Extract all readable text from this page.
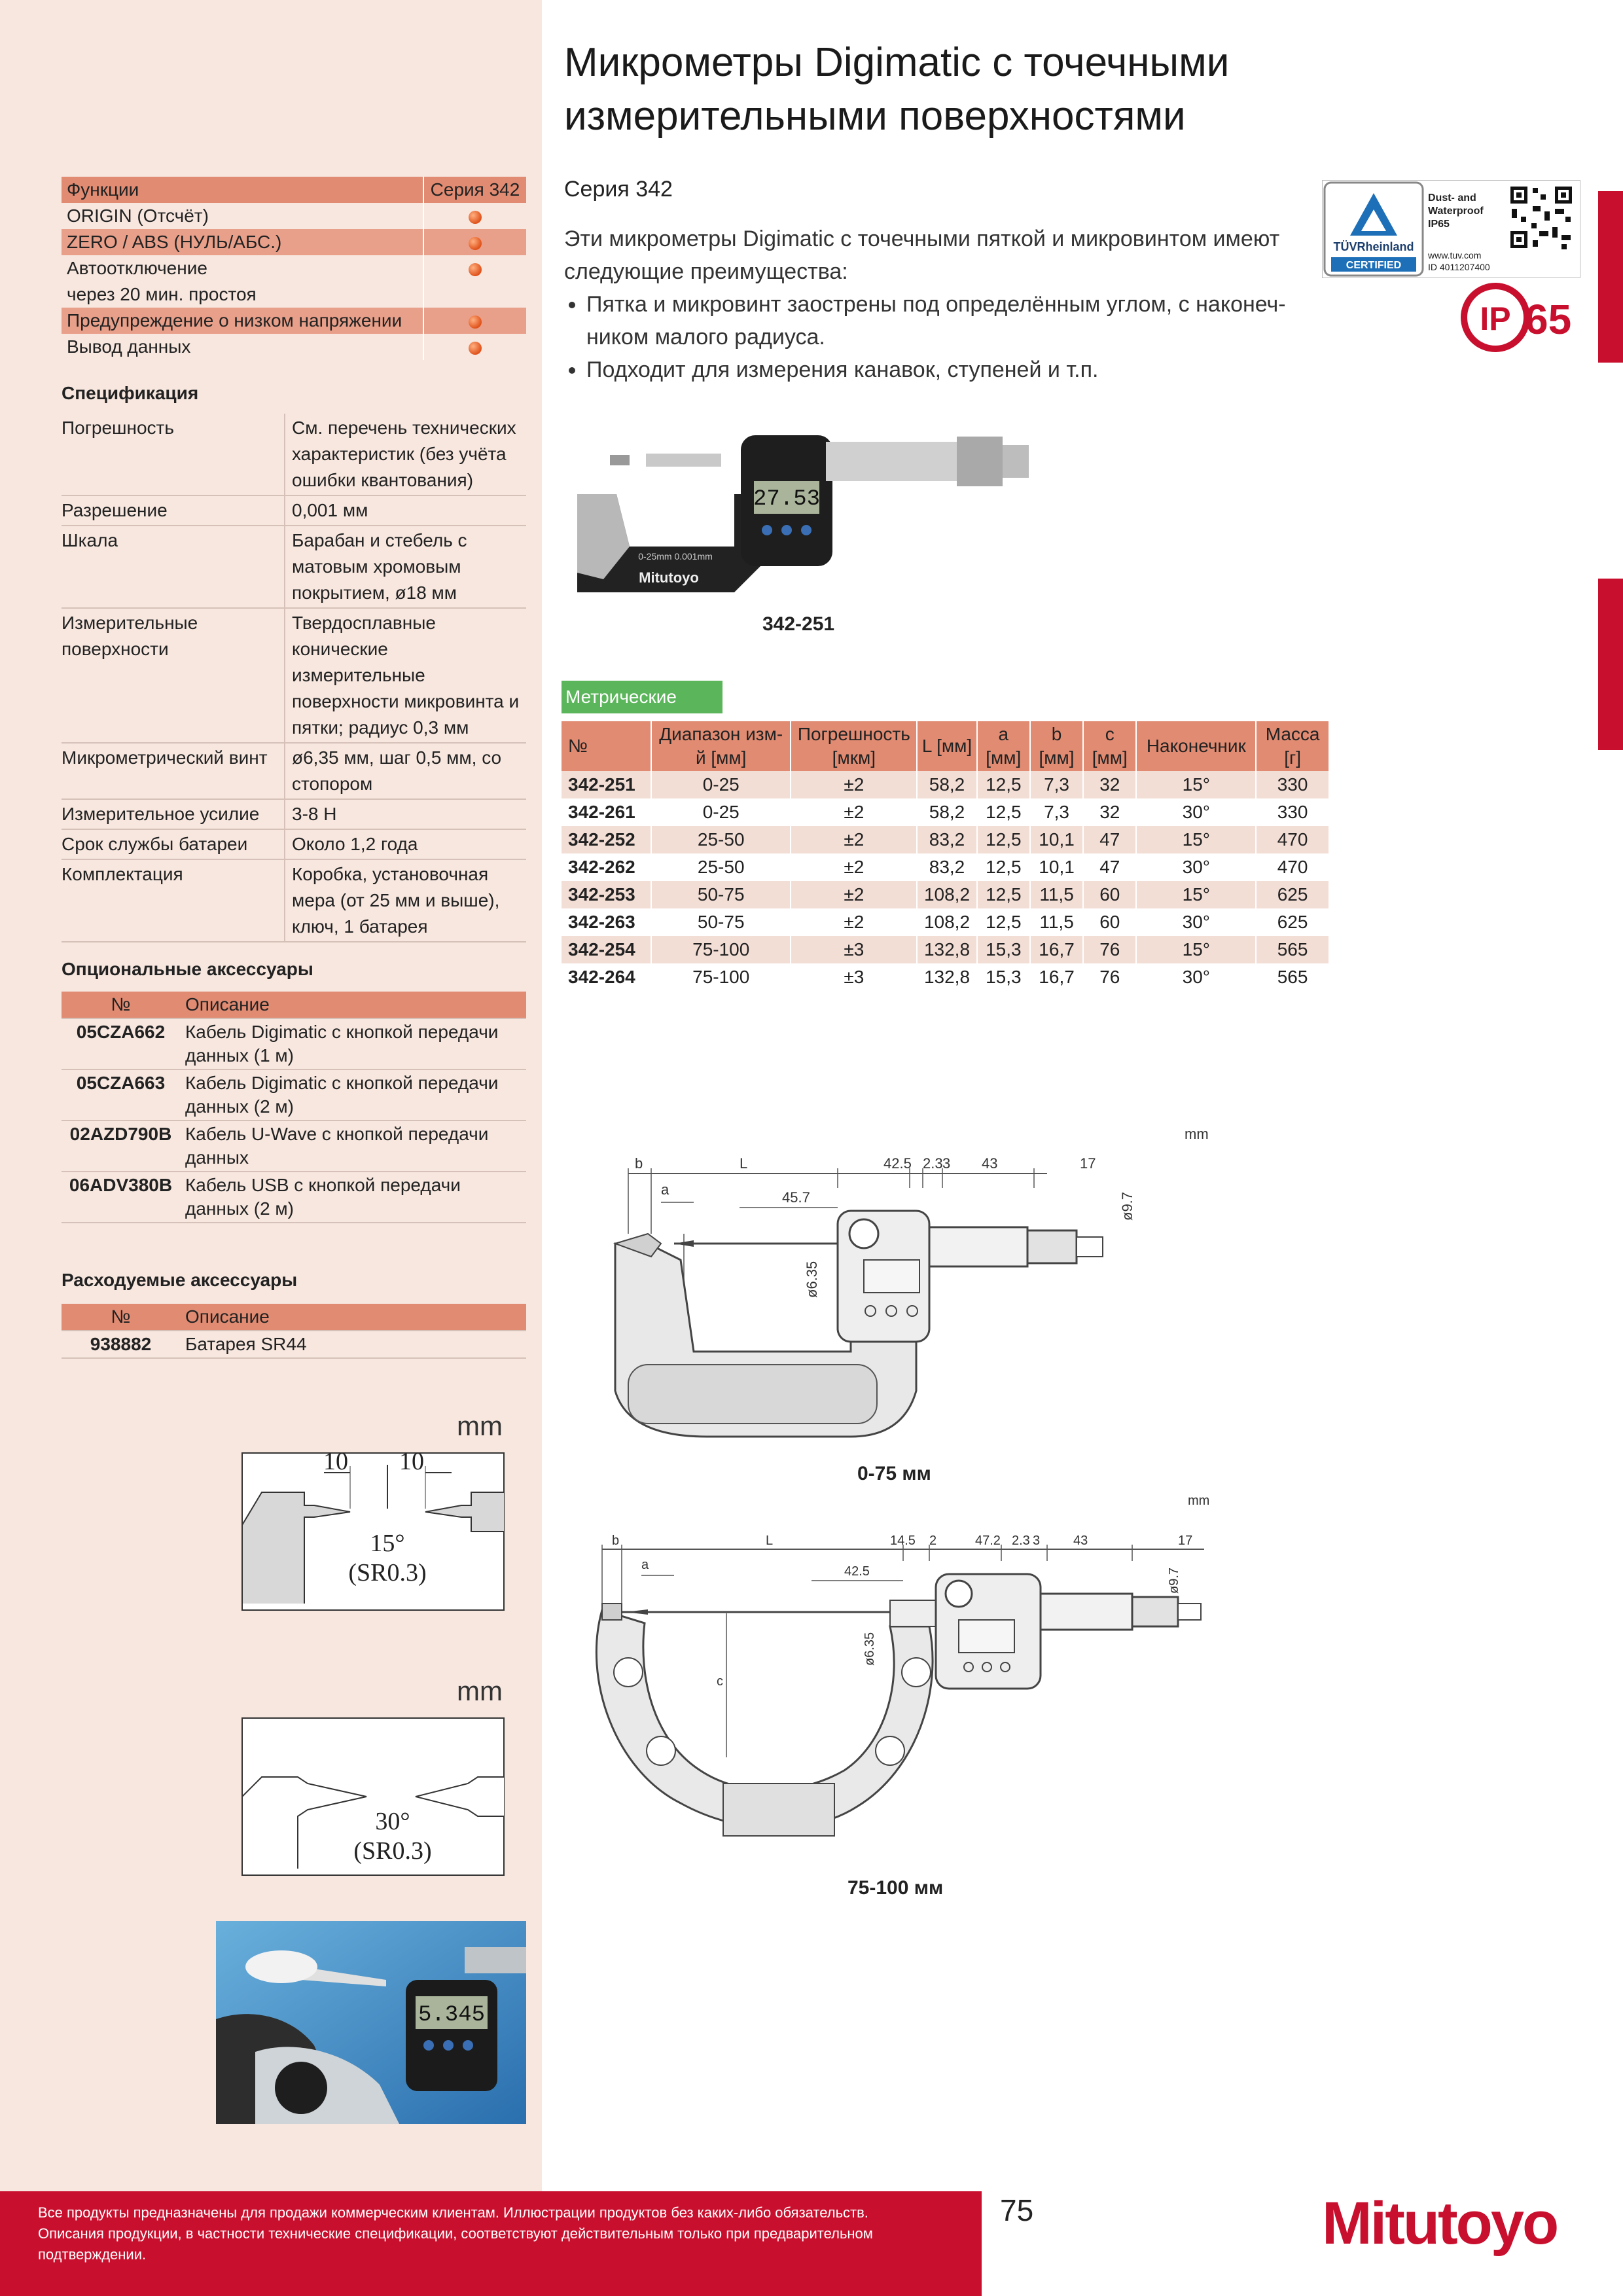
Функции	Серия 342
ORIGIN (Отсчёт)	
ZERO / ABS (НУЛЬ/АБС.)	
Автоотключение	
через 20 мин. простоя	
Предупреждение о низком напряжении	
Вывод данных	
Спецификация
Погрешность	См. перечень технических характеристик (без учёта ошибки квантования)
Разрешение	0,001 мм
Шкала	Барабан и стебель с матовым хромовым покрытием, ø18 мм
Измерительные поверхности	Твердосплавные конические измерительные поверхности микровинта и пятки; радиус 0,3 мм
Микрометрический винт	ø6,35 мм, шаг 0,5 мм, со стопором
Измерительное усилие	3-8 Н
Срок службы батареи	Около 1,2 года
Комплектация	Коробка, установочная мера (от 25 мм и выше), ключ, 1 батарея
Опциональные аксессуары
№	Описание
05CZA662	Кабель Digimatic с кнопкой передачи данных (1 м)
05CZA663	Кабель Digimatic с кнопкой передачи данных (2 м)
02AZD790B	Кабель U-Wave с кнопкой передачи данных
06ADV380B	Кабель USB с кнопкой передачи данных (2 м)
Расходуемые аксессуары
№	Описание
938882	Батарея SR44
mm
10 10
15°
(SR0.3)
mm
30°
(SR0.3)
5.345
Микрометры Digimatic с точечными
измерительными поверхностями
Серия 342
Эти микрометры Digimatic с точечными пяткой и микровинтом имеют следующие преимущества:
• Пятка и микровинт заострены под определённым углом, с наконеч-ником малого радиуса.
• Подходит для измерения канавок, ступеней и т.п.
TÜVRheinland
CERTIFIED
Dust- and
Waterproof
IP65
www.tuv.com
ID 4011207400
IP 65
27.53
Mitutoyo
0-25mm 0.001mm
342-251
Метрические
№	Диапазон изм-й [мм]	Погрешность [мкм]	L [мм]	a [мм]	b [мм]	c [мм]	Наконечник	Масса [г]
342-251	0-25	±2	58,2	12,5	7,3	32	15°	330
342-261	0-25	±2	58,2	12,5	7,3	32	30°	330
342-252	25-50	±2	83,2	12,5	10,1	47	15°	470
342-262	25-50	±2	83,2	12,5	10,1	47	30°	470
342-253	50-75	±2	108,2	12,5	11,5	60	15°	625
342-263	50-75	±2	108,2	12,5	11,5	60	30°	625
342-254	75-100	±3	132,8	15,3	16,7	76	15°	565
342-264	75-100	±3	132,8	15,3	16,7	76	30°	565
mm
b	L
a
42.5 2.3 3 43	17
45.7	ø9.7
ø6.35
0-75 мм
mm
b	L
a
14.5 2	47.2 2.3 3	43	17
42.5	ø9.7
ø6.35
c
75-100 мм
Все продукты предназначены для продажи коммерческим клиентам. Иллюстрации продуктов без каких-либо обязательств. Описания продукции, в частности технические спецификации, соответствуют действительным только при предварительном подтверждении.
75	Mitutoyo
